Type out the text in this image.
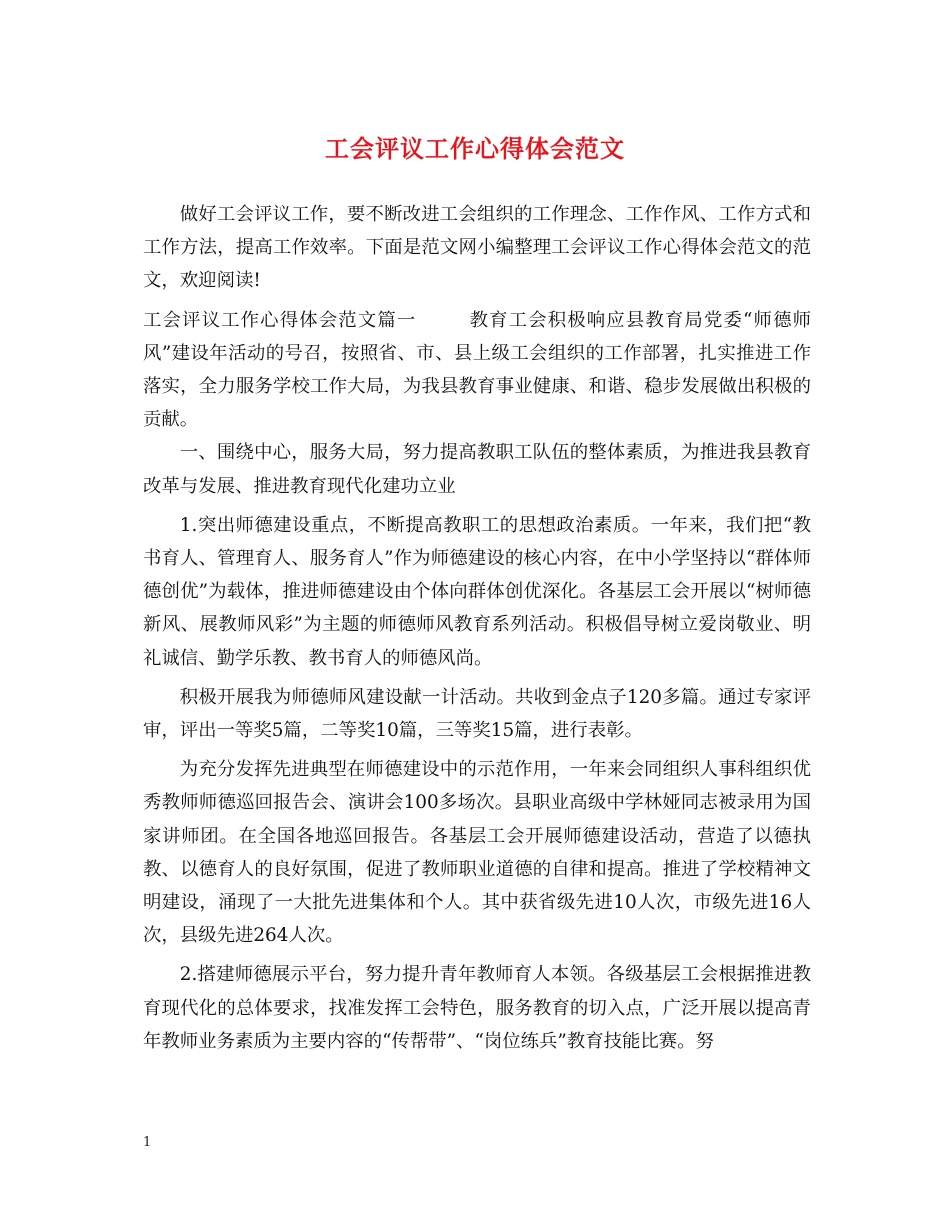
工会评议工作心得体会范文

做好工会评议工作，要不断改进工会组织的工作理念、工作作风、工作方式和工作方法，提高工作效率。下面是范文网小编整理工会评议工作心得体会范文的范文，欢迎阅读!

工会评议工作心得体会范文篇一	教育工会积极响应县教育局党委“师德师风”建设年活动的号召，按照省、市、县上级工会组织的工作部署，扎实推进工作落实，全力服务学校工作大局，为我县教育事业健康、和谐、稳步发展做出积极的贡献。

一、围绕中心，服务大局，努力提高教职工队伍的整体素质，为推进我县教育改革与发展、推进教育现代化建功立业

1.突出师德建设重点，不断提高教职工的思想政治素质。一年来，我们把“教书育人、管理育人、服务育人”作为师德建设的核心内容，在中小学坚持以“群体师德创优”为载体，推进师德建设由个体向群体创优深化。各基层工会开展以“树师德新风、展教师风彩”为主题的师德师风教育系列活动。积极倡导树立爱岗敬业、明礼诚信、勤学乐教、教书育人的师德风尚。

积极开展我为师德师风建设献一计活动。共收到金点子120多篇。通过专家评审，评出一等奖5篇，二等奖10篇，三等奖15篇，进行表彰。

为充分发挥先进典型在师德建设中的示范作用，一年来会同组织人事科组织优秀教师师德巡回报告会、演讲会100多场次。县职业高级中学林娅同志被录用为国家讲师团。在全国各地巡回报告。各基层工会开展师德建设活动，营造了以德执教、以德育人的良好氛围，促进了教师职业道德的自律和提高。推进了学校精神文明建设，涌现了一大批先进集体和个人。其中获省级先进10人次，市级先进16人次，县级先进264人次。

2.搭建师德展示平台，努力提升青年教师育人本领。各级基层工会根据推进教育现代化的总体要求，找准发挥工会特色，服务教育的切入点，广泛开展以提高青年教师业务素质为主要内容的“传帮带”、“岗位练兵”教育技能比赛。努

1
